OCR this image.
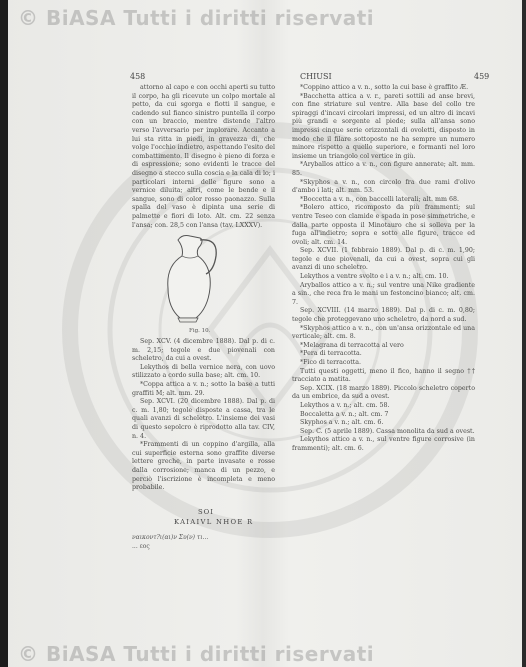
© BiASA Tutti i diritti riservati
© BiASA Tutti i diritti riservati
458	CHIUSI	459

attorno al capo e con occhi aperti su tutto il corpo, ha gli ricevute un colpo mortale al petto, da cui sgorga e fiotti il sangue, e cadendo sul fianco sinistro puntella il corpo con un braccio, mentre distende l'altro verso l'avversario per implorare. Accanto a lui sta ritta in piedi, in gravezza di, che volge l'occhio indietro, aspettando l'esito del combattimento. Il disegno è pieno di forza e di espressione; sono evidenti le tracce del disegno a stecco sulla coscia e la cala di lo; i particolari interni delle figure sono a vernice diluita; altri, come le bende e il sangue, sono di color rosso paonazzo. Sulla spalla del vaso è dipinta una serie di palmette e fiori di loto. Alt. cm. 22 senza l'ansa; con. 28,5 con l'ansa (tav. LXXXV).

Fig. 10.

Sep. XCV. (4 dicembre 1888). Dal p. di c. m. 2,15; tegole e due piovenali con scheletro, da cui a ovest.

Lekythos di bella vernice nera, con uovo stilizzato a cordo sulla base; alt. cm. 10.

*Coppa attica a v. n.; sotto la base a tutti graffiti M; alt. mm. 29.

Sep. XCVI. (20 dicembre 1888). Dal p. di c. m. 1,80; tegole disposte a cassa, tra le quali avanzi di scheletro. L'insieme dei vasi di questo sepolcro è riprodotto alla tav. CIV, n. 4.

*Frammenti di un coppino d'argilla, alla cui superficie esterna sono graffite diverse lettere greche, in parte invasate e rosse dalla corrosione; manca di un pezzo, e perciò l'iscrizione è incompleta e meno probabile.

SOI
KAIAIVL NHOE R
ναικοντ?ι(αι)ν Συ(ν) τι...
... εος

*Coppino attico a v. n., sotto la cui base è graffito Æ.

*Bacchetta attica a v. r., pareti sottili ad anse brevi, con fine striature sul ventre. Alla base del collo tre spiraggi d'incavi circolari impressi, ed un altro di incavi più grandi e sorgente al piede; sulla all'ansa sono impressi cinque serie orizzontali di ovoletti, disposto in modo che il filare sottoposto ne ha sempre un numero minore rispetto a quello superiore, e formanti nel loro insieme un triangolo col vertice in giù.

*Aryballos attico a v. n., con figure annerate; alt. mm. 85.

*Skyphos a v. n., con circolo fra due rami d'olivo d'ambo i lati; alt. mm. 53.

*Boccetta a v. n., con baccelli laterali; alt. mm 68.

*Bolero attico, ricomposto da più frammenti; sul ventre Teseo con clamide e spada in pose simmetriche, e dalla parte opposta il Minotauro che si solleva per la fuga all'indietro; sopra e sotto alle figure, tracce ed ovoli; alt. cm. 14.

Sep. XCVII. (1 febbraio 1889). Dal p. di c. m. 1,90; tegole e due piovenali, da cui a ovest, sopra cui gli avanzi di uno scheletro.

Lekythos a ventre svolto e i a v. n.; alt. cm. 10.

Aryballos attico a v. n.; sul ventre una Nike gradiente a sin., che reca fra le mani un festoncino bianco; alt. cm. 7.

Sep. XCVIII. (14 marzo 1889). Dal p. di c. m. 0,80; tegole che proteggevano uno scheletro, da nord a sud.

*Skyphos attico a v. n., con un'ansa orizzontale ed una verticale; alt. cm. 8.

*Melagrana di terracotta al vero

*Pera di terracotta.

*Fico di terracotta.

Tutti questi oggetti, meno il fico, hanno il segno †† tracciato a matita.

Sep. XCIX. (18 marzo 1889). Piccolo scheletro coperto da un embrice, da sud a ovest.

Lekythos a v. n.; alt. cm. 58.

Boccaletta a v. n.; alt. cm. 7

Skyphos a v. n.; alt. cm. 6.

Sep. C. (5 aprile 1889). Cassa monolita da sud a ovest.

Lekythos attico a v. n., sul ventre figure corrosive (in frammenti); alt. cm. 6.
